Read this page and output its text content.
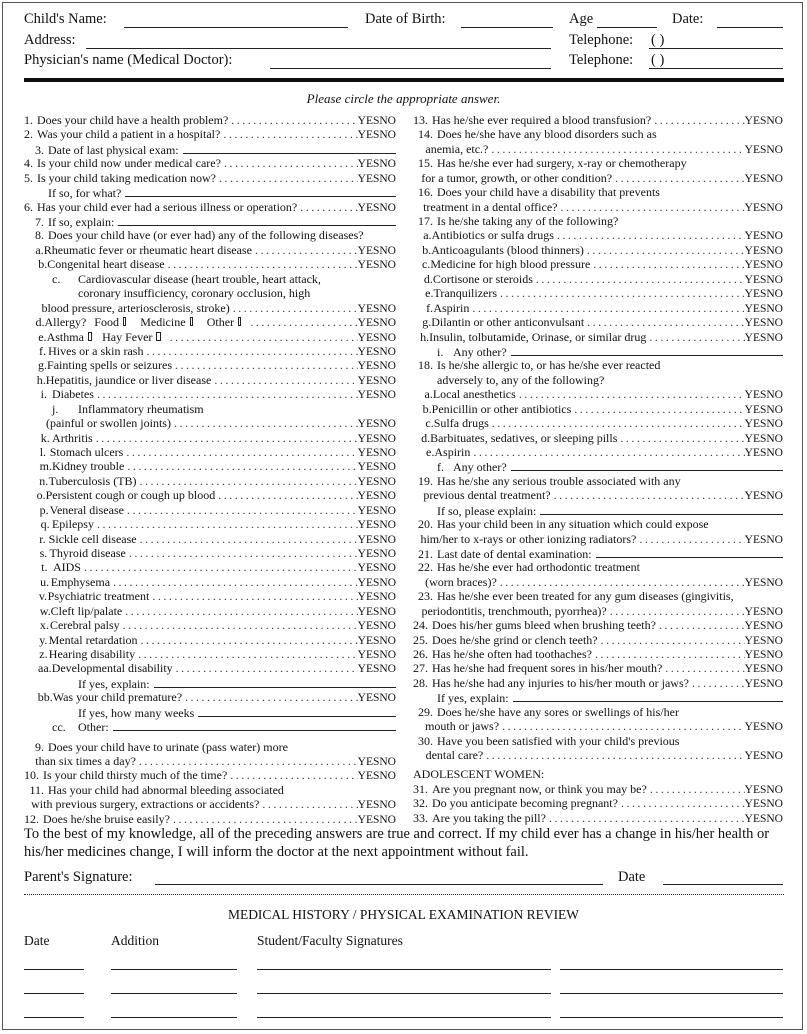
Child's Name:	Date of Birth:	Age	Date:
Address:	Telephone: ( )
Physician's name (Medical Doctor):	Telephone: ( )
Please circle the appropriate answer.
1. Does your child have a health problem? .....	YES NO
2. Was your child a patient in a hospital? .....	YES NO
3. Date of last physical exam:
4. Is your child now under medical care? .....	YES NO
5. Is your child taking medication now? .....	YES NO
If so, for what?
6. Has your child ever had a serious illness or operation? .....	YES NO
7. If so, explain:
8. Does your child have (or ever had) any of the following diseases?
a. Rheumatic fever or rheumatic heart disease .....	YES NO
b. Congenital heart disease .....	YES NO
c.	Cardiovascular disease (heart trouble, heart attack,
coronary insufficiency, coronary occlusion, high
blood pressure, arteriosclerosis, stroke) .....	YES NO
d. Allergy? Food Medicine Other .....	YES NO
e. Asthma Hay Fever .....	YES NO
f. Hives or a skin rash .....	YES NO
g. Fainting spells or seizures .....	YES NO
h. Hepatitis, jaundice or liver disease .....	YES NO
i. Diabetes .....	YES NO
j.	Inflammatory rheumatism
(painful or swollen joints) .....	YES NO
k. Arthritis .....	YES NO
l. Stomach ulcers .....	YES NO
m. Kidney trouble .....	YES NO
n. Tuberculosis (TB) .....	YES NO
o. Persistent cough or cough up blood .....	YES NO
p. Veneral disease .....	YES NO
q. Epilepsy .....	YES NO
r. Sickle cell disease .....	YES NO
s. Thyroid disease .....	YES NO
t. AIDS .....	YES NO
u. Emphysema .....	YES NO
v. Psychiatric treatment .....	YES NO
w. Cleft lip/palate .....	YES NO
x. Cerebral palsy .....	YES NO
y. Mental retardation .....	YES NO
z. Hearing disability .....	YES NO
aa. Developmental disability .....	YES NO
If yes, explain:
bb. Was your child premature? .....	YES NO
If yes, how many weeks
cc.	Other:
9. Does your child have to urinate (pass water) more
than six times a day? .....	YES NO
10. Is your child thirsty much of the time? .....	YES NO
11. Has your child had abnormal bleeding associated
with previous surgery, extractions or accidents? .....	YES NO
12. Does he/she bruise easily? .....	YES NO
13. Has he/she ever required a blood transfusion? .....	YES NO
14. Does he/she have any blood disorders such as
anemia, etc.? .....	YES NO
15. Has he/she ever had surgery, x-ray or chemotherapy
for a tumor, growth, or other condition? .....	YES NO
16. Does your child have a disability that prevents
treatment in a dental office? .....	YES NO
17. Is he/she taking any of the following?
a. Antibiotics or sulfa drugs .....	YES NO
b. Anticoagulants (blood thinners) .....	YES NO
c. Medicine for high blood pressure .....	YES NO
d. Cortisone or steroids .....	YES NO
e. Tranquilizers .....	YES NO
f. Aspirin .....	YES NO
g. Dilantin or other anticonvulsant .....	YES NO
h. Insulin, tolbutamide, Orinase, or similar drug .....	YES NO
i. Any other?
18. Is he/she allergic to, or has he/she ever reacted
adversely to, any of the following?
a. Local anesthetics .....	YES NO
b. Penicillin or other antibiotics .....	YES NO
c. Sulfa drugs .....	YES NO
d. Barbituates, sedatives, or sleeping pills .....	YES NO
e. Aspirin .....	YES NO
f. Any other?
19. Has he/she any serious trouble associated with any
previous dental treatment? .....	YES NO
If so, please explain:
20. Has your child been in any situation which could expose
him/her to x-rays or other ionizing radiators? .....	YES NO
21. Last date of dental examination:
22. Has he/she ever had orthodontic treatment
(worn braces)? .....	YES NO
23. Has he/she ever been treated for any gum diseases (gingivitis,
periodontitis, trenchmouth, pyorrhea)? .....	YES NO
24. Does his/her gums bleed when brushing teeth? .....	YES NO
25. Does he/she grind or clench teeth? .....	YES NO
26. Has he/she often had toothaches? .....	YES NO
27. Has he/she had frequent sores in his/her mouth? .....	YES NO
28. Has he/she had any injuries to his/her mouth or jaws? .....	YES NO
If yes, explain:
29. Does he/she have any sores or swellings of his/her
mouth or jaws? .....	YES NO
30. Have you been satisfied with your child's previous
dental care? .....	YES NO
ADOLESCENT WOMEN:
31. Are you pregnant now, or think you may be? .....	YES NO
32. Do you anticipate becoming pregnant? .....	YES NO
33. Are you taking the pill? .....	YES NO
To the best of my knowledge, all of the preceding answers are true and correct. If my child ever has a change in his/her health or his/her medicines change, I will inform the doctor at the next appointment without fail.
Parent's Signature:	Date
MEDICAL HISTORY / PHYSICAL EXAMINATION REVIEW
Date	Addition	Student/Faculty Signatures
